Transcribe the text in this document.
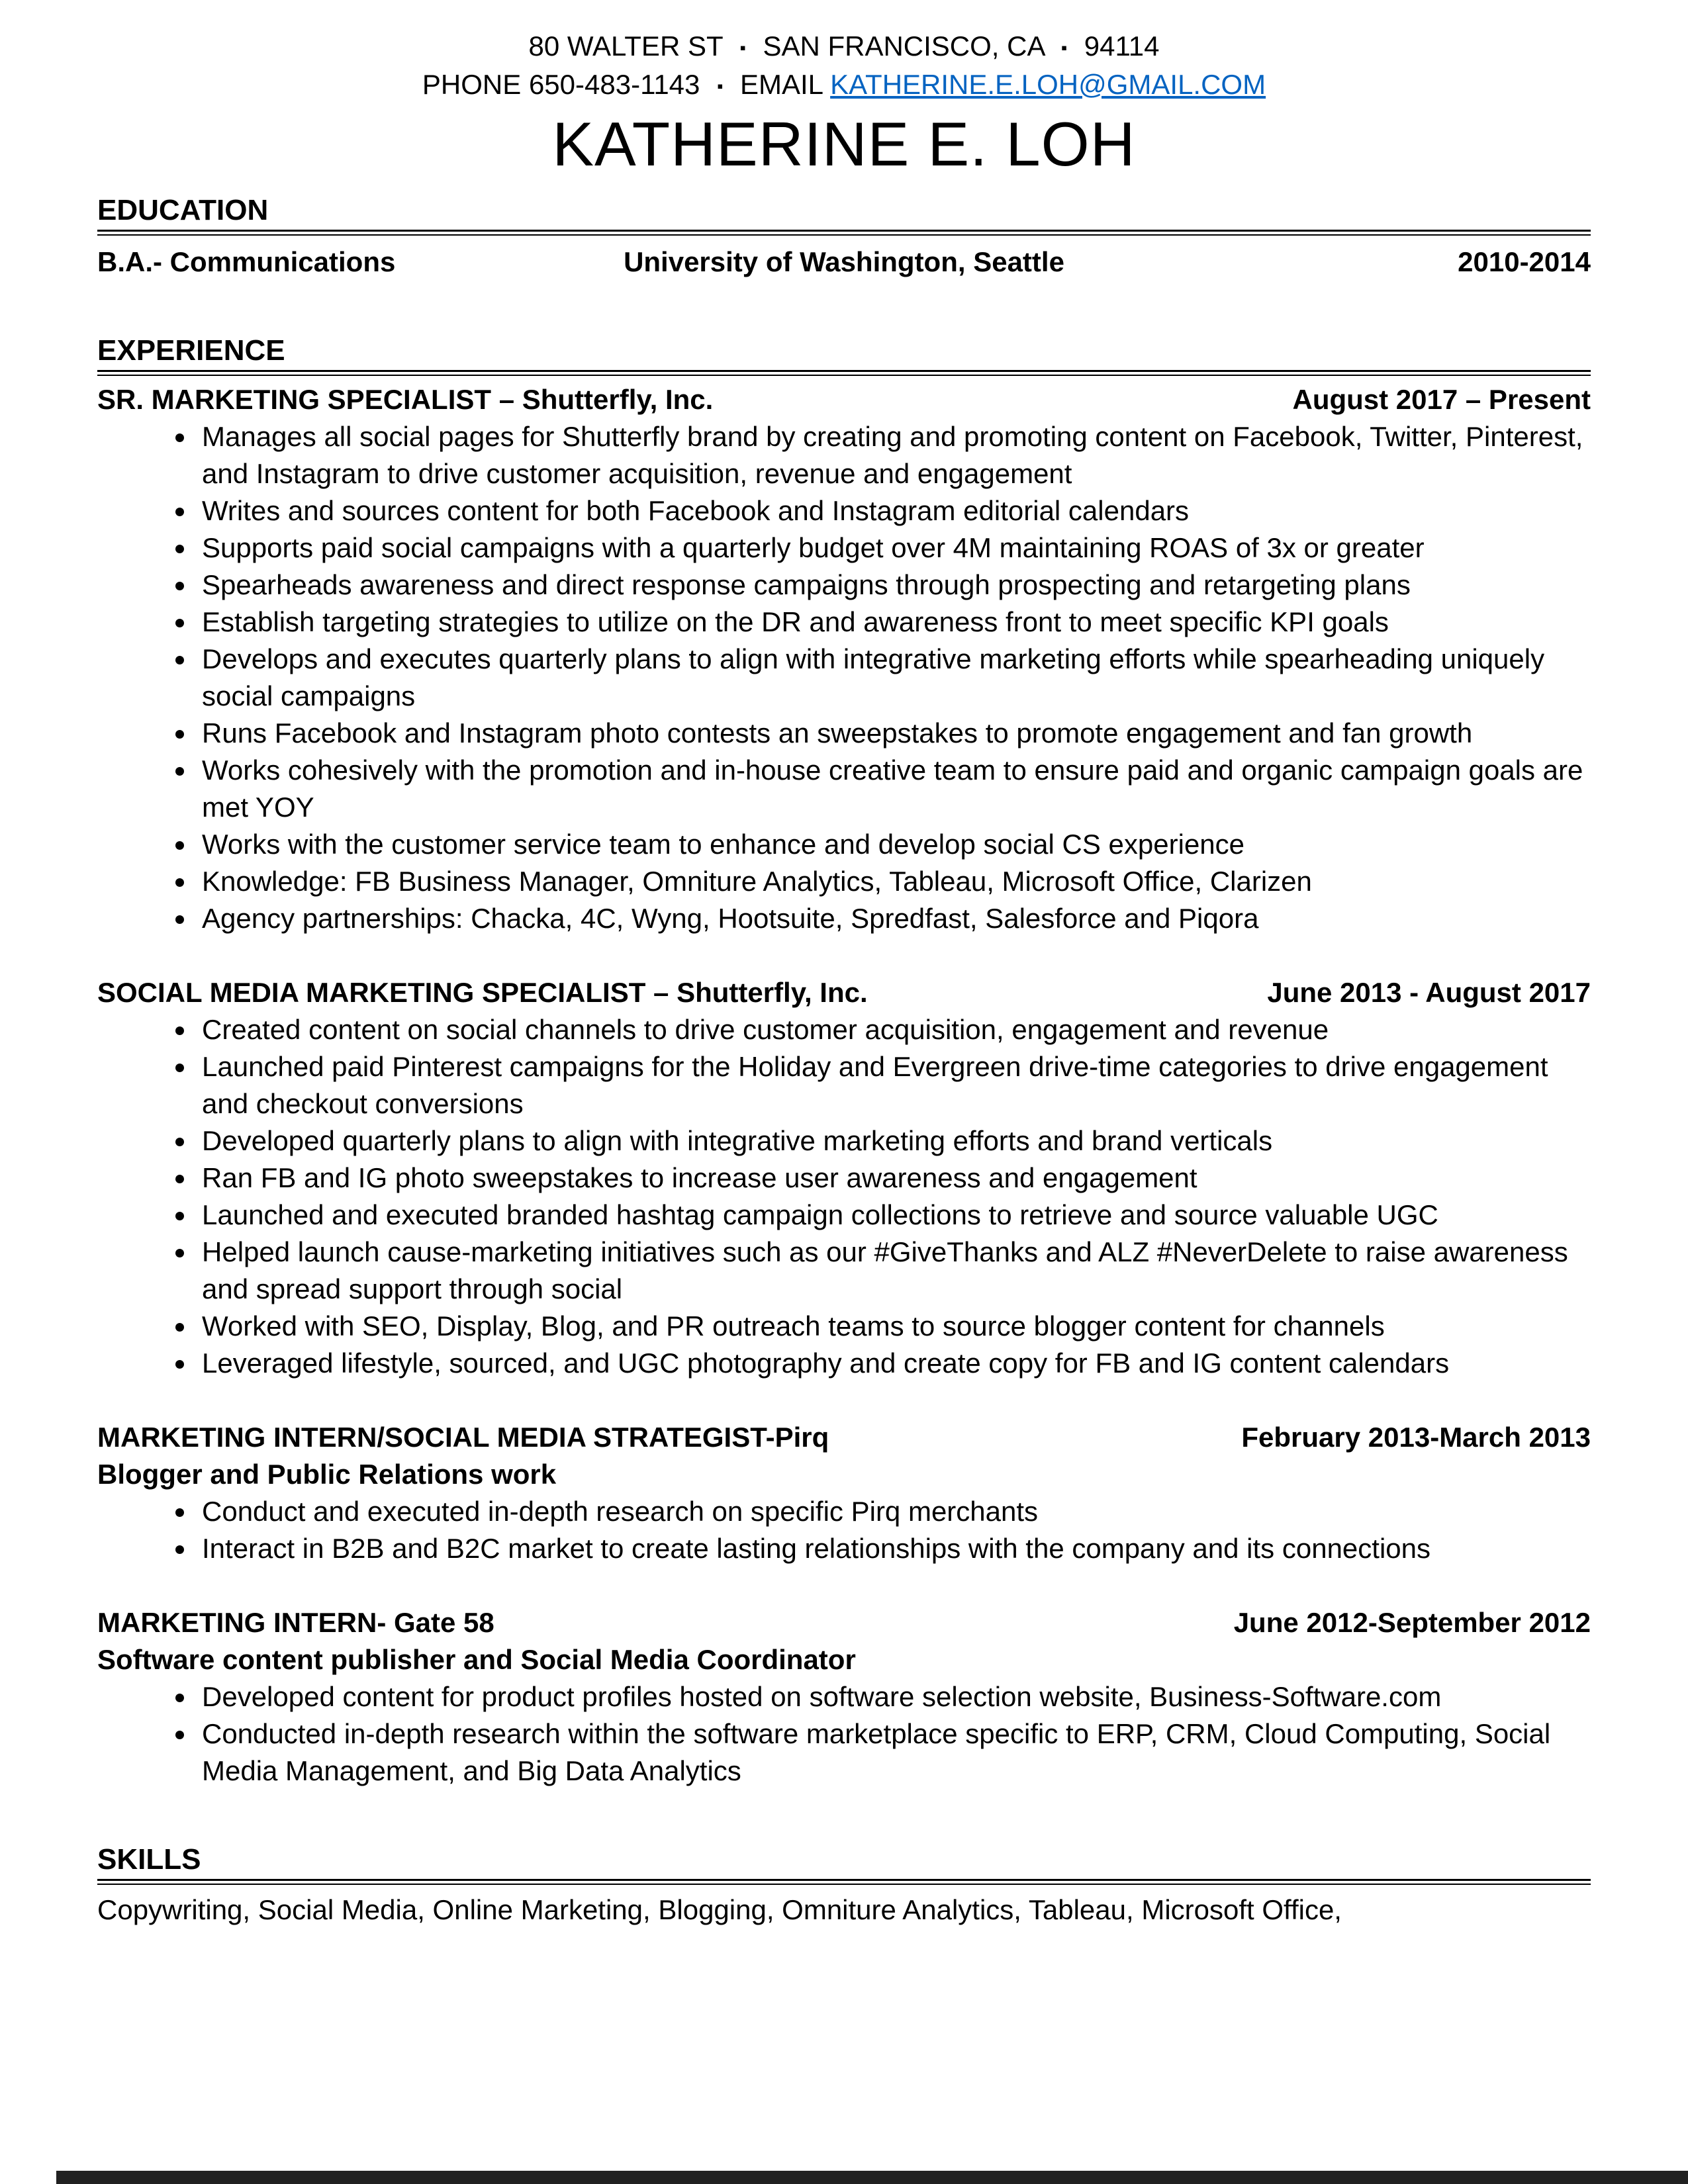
80 WALTER ST ▪ SAN FRANCISCO, CA ▪ 94114
PHONE 650-483-1143 ▪ EMAIL KATHERINE.E.LOH@GMAIL.COM
KATHERINE E. LOH
EDUCATION
B.A.- Communications	University of Washington, Seattle	2010-2014
EXPERIENCE
SR. MARKETING SPECIALIST – Shutterfly, Inc.	August 2017 – Present
• Manages all social pages for Shutterfly brand by creating and promoting content on Facebook, Twitter, Pinterest, and Instagram to drive customer acquisition, revenue and engagement
• Writes and sources content for both Facebook and Instagram editorial calendars
• Supports paid social campaigns with a quarterly budget over 4M maintaining ROAS of 3x or greater
• Spearheads awareness and direct response campaigns through prospecting and retargeting plans
• Establish targeting strategies to utilize on the DR and awareness front to meet specific KPI goals
• Develops and executes quarterly plans to align with integrative marketing efforts while spearheading uniquely social campaigns
• Runs Facebook and Instagram photo contests an sweepstakes to promote engagement and fan growth
• Works cohesively with the promotion and in-house creative team to ensure paid and organic campaign goals are met YOY
• Works with the customer service team to enhance and develop social CS experience
• Knowledge: FB Business Manager, Omniture Analytics, Tableau, Microsoft Office, Clarizen
• Agency partnerships: Chacka, 4C, Wyng, Hootsuite, Spredfast, Salesforce and Piqora
SOCIAL MEDIA MARKETING SPECIALIST – Shutterfly, Inc.	June 2013 - August 2017
• Created content on social channels to drive customer acquisition, engagement and revenue
• Launched paid Pinterest campaigns for the Holiday and Evergreen drive-time categories to drive engagement and checkout conversions
• Developed quarterly plans to align with integrative marketing efforts and brand verticals
• Ran FB and IG photo sweepstakes to increase user awareness and engagement
• Launched and executed branded hashtag campaign collections to retrieve and source valuable UGC
• Helped launch cause-marketing initiatives such as our #GiveThanks and ALZ #NeverDelete to raise awareness and spread support through social
• Worked with SEO, Display, Blog, and PR outreach teams to source blogger content for channels
• Leveraged lifestyle, sourced, and UGC photography and create copy for FB and IG content calendars
MARKETING INTERN/SOCIAL MEDIA STRATEGIST-Pirq	February 2013-March 2013
Blogger and Public Relations work
• Conduct and executed in-depth research on specific Pirq merchants
• Interact in B2B and B2C market to create lasting relationships with the company and its connections
MARKETING INTERN- Gate 58	June 2012-September 2012
Software content publisher and Social Media Coordinator
• Developed content for product profiles hosted on software selection website, Business-Software.com
• Conducted in-depth research within the software marketplace specific to ERP, CRM, Cloud Computing, Social Media Management, and Big Data Analytics
SKILLS

Copywriting, Social Media, Online Marketing, Blogging, Omniture Analytics, Tableau, Microsoft Office,
